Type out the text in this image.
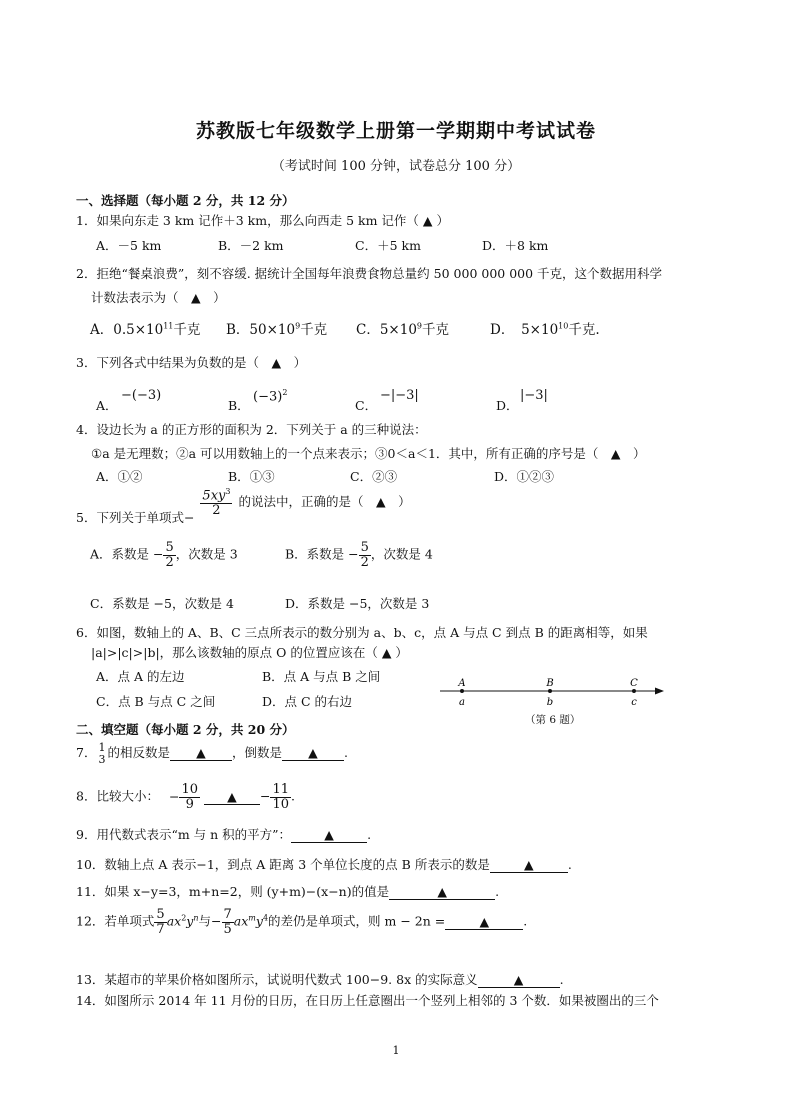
苏教版七年级数学上册第一学期期中考试试卷
（考试时间 100 分钟，试卷总分 100 分）
一、选择题（每小题 2 分，共 12 分）
1．如果向东走 3 km 记作＋3 km，那么向西走 5 km 记作（ ▲ ）
A．－5 km	B．－2 km	C．＋5 km	D．＋8 km
2．拒绝“餐桌浪费”，刻不容缓. 据统计全国每年浪费食物总量约 50 000 000 000 千克，这个数据用科学
计数法表示为（　▲　）
A．$0.5\times 10^{11}$千克 B．$50\times 10^9$千克 C．$5\times 10^9$千克	D．　$5\times 10^{10}$千克.
3．下列各式中结果为负数的是（　▲　）
A．
−(−3)
B．
$(-3)^2$
C．
−|−3|
D．
|−3|
4．设边长为 a 的正方形的面积为 2．下列关于 a 的三种说法：
①a 是无理数；②a 可以用数轴上的一个点来表示；③0＜a＜1．其中，所有正确的序号是（　▲　）
A．①②	B．①③	C．②③	D．①②③
5．下列关于单项式−
$\frac{5xy^3}{2}$ 的说法中，正确的是（　▲　）
A．系数是 − $\frac{5}{2}$ ，次数是 3	B．系数是 − $\frac{5}{2}$ ，次数是 4
C．系数是 −5，次数是 4	D．系数是 −5，次数是 3
6．如图，数轴上的 A、B、C 三点所表示的数分别为 a、b、c，点 A 与点 C 到点 B 的距离相等，如果
|a|>|c|>|b|，那么该数轴的原点 O 的位置应该在（ ▲ ）
A．点 A 的左边	B．点 A 与点 B 之间
C．点 B 与点 C 之间	D．点 C 的右边
A	B	C
a	b	c
（第 6 题）
二、填空题（每小题 2 分，共 20 分）
7． 1
3 的相反数是 ▲ ，倒数是 ▲ .
8．比较大小： − $\frac{10}{9}$ ▲ − $\frac{11}{10}$ .
9．用代数式表示“m 与 n 积的平方”：	▲	.
10．数轴上点 A 表示−1，到点 A 距离 3 个单位长度的点 B 所表示的数是	▲	.
11．如果 x−y=3，m+n=2，则 (y+m)−(x−n)的值是	▲	.
12．若单项式 $\frac{5}{7} ax^2y^n$与− $\frac{7}{5} ax^my^4$的差仍是单项式，则 m − 2n =	▲	.
13．某超市的苹果价格如图所示，试说明代数式 100−9. 8x 的实际意义	▲	.
14．如图所示 2014 年 11 月份的日历，在日历上任意圈出一个竖列上相邻的 3 个数．如果被圈出的三个
1
